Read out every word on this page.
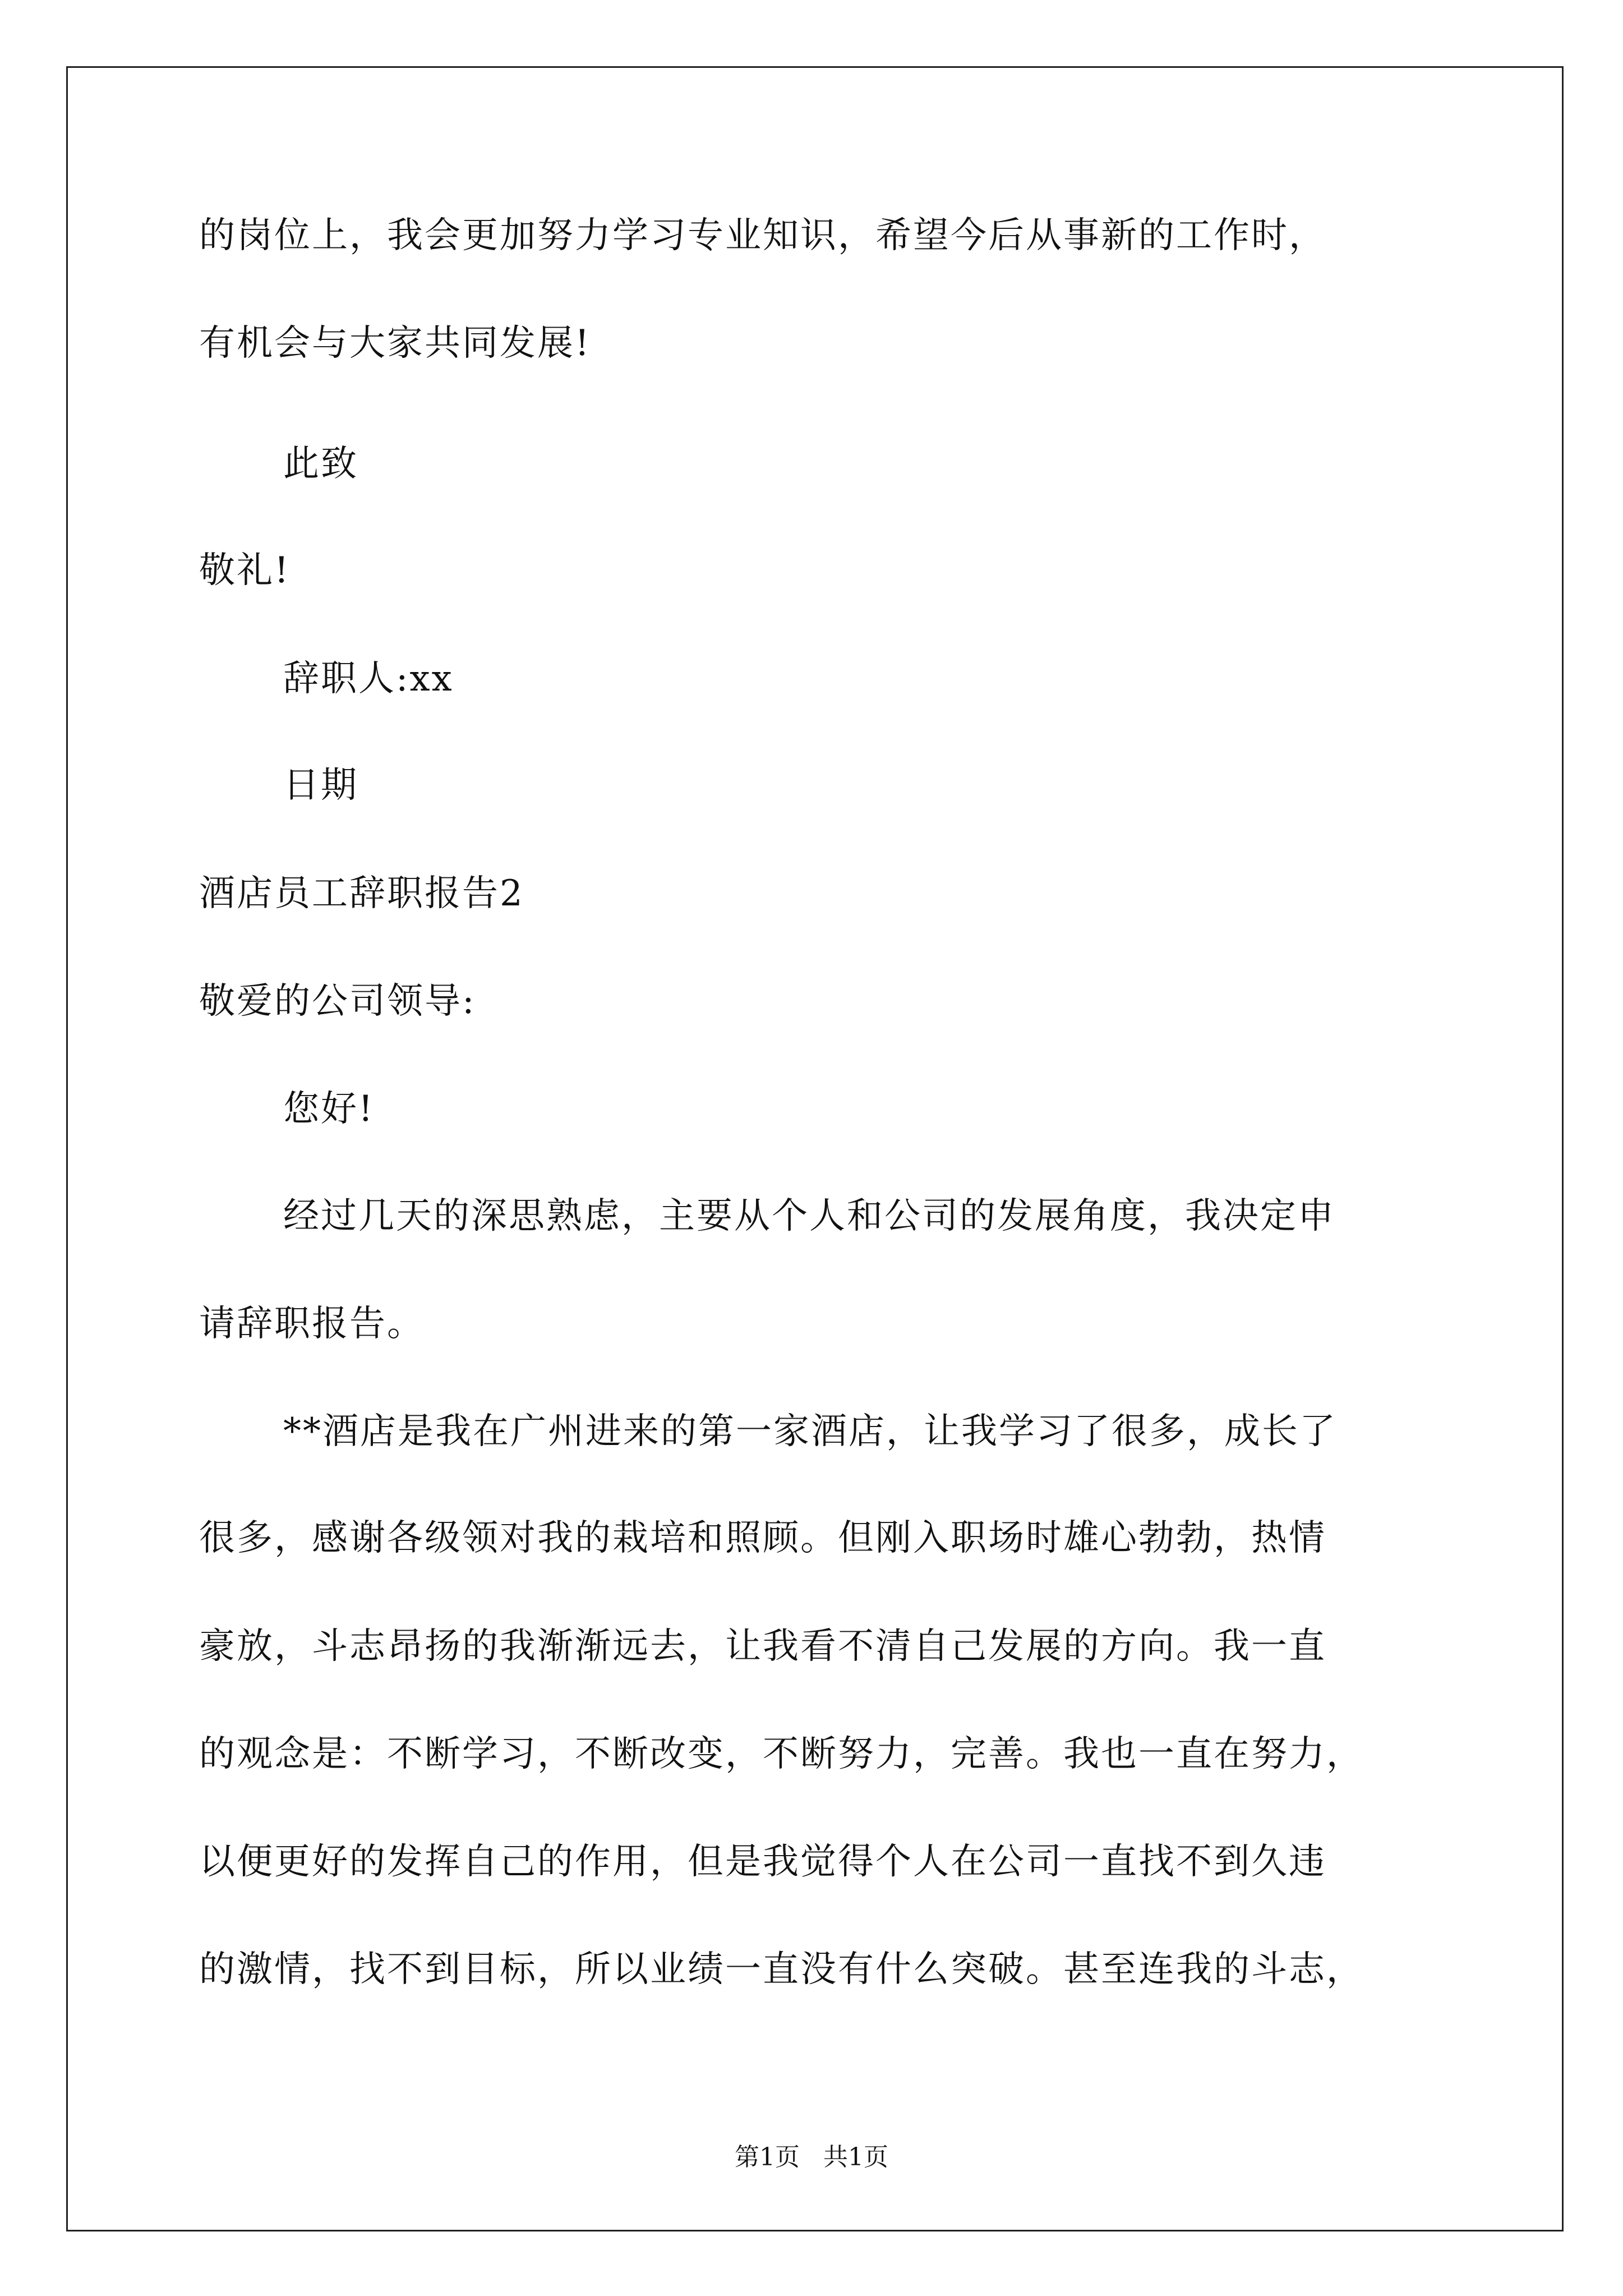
的岗位上，我会更加努力学习专业知识，希望今后从事新的工作时，
有机会与大家共同发展!
此致
敬礼!
辞职人:xx
日期
酒店员工辞职报告2
敬爱的公司领导:
您好!
经过几天的深思熟虑，主要从个人和公司的发展角度，我决定申
请辞职报告。
**酒店是我在广州进来的第一家酒店，让我学习了很多，成长了
很多，感谢各级领对我的栽培和照顾。但刚入职场时雄心勃勃，热情
豪放，斗志昂扬的我渐渐远去，让我看不清自己发展的方向。我一直
的观念是：不断学习，不断改变，不断努力，完善。我也一直在努力，
以便更好的发挥自己的作用，但是我觉得个人在公司一直找不到久违
的激情，找不到目标，所以业绩一直没有什么突破。甚至连我的斗志，
第1页   共1页
